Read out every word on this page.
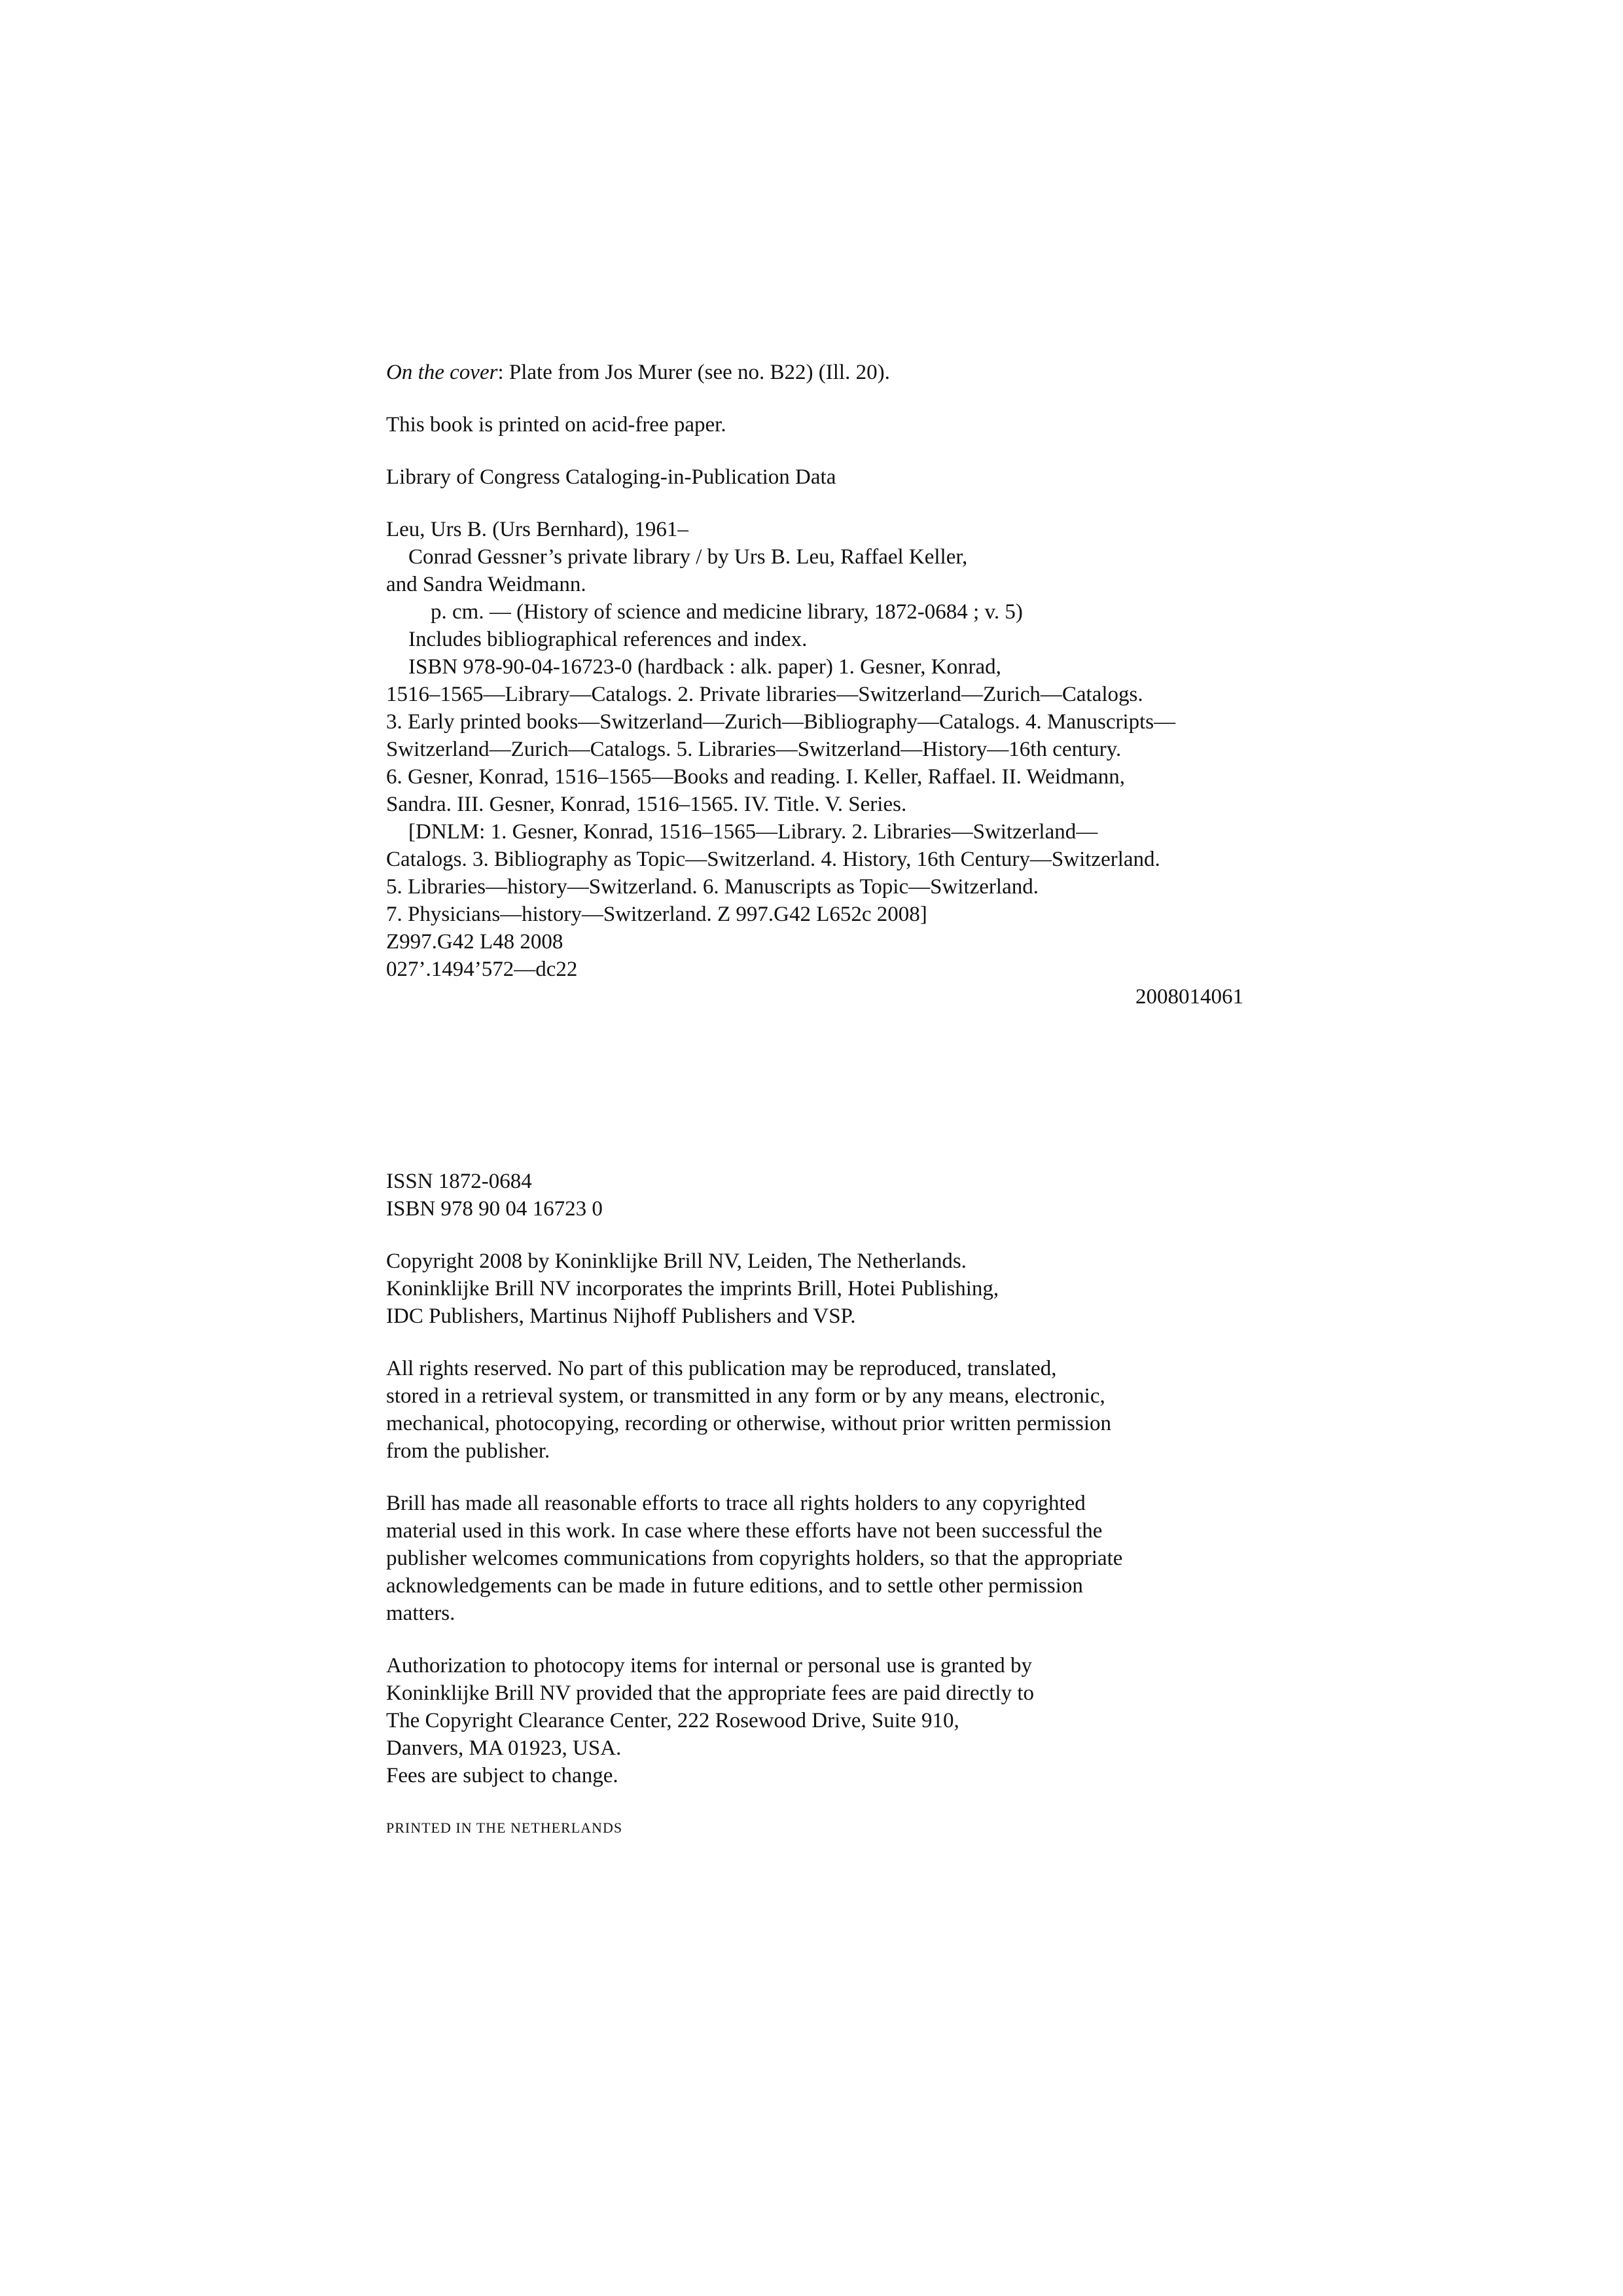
On the cover: Plate from Jos Murer (see no. B22) (Ill. 20).
This book is printed on acid-free paper.
Library of Congress Cataloging-in-Publication Data
Leu, Urs B. (Urs Bernhard), 1961–
Conrad Gessner’s private library / by Urs B. Leu, Raffael Keller,
and Sandra Weidmann.
p. cm. — (History of science and medicine library, 1872-0684 ; v. 5)
Includes bibliographical references and index.
ISBN 978-90-04-16723-0 (hardback : alk. paper) 1. Gesner, Konrad,
1516–1565—Library—Catalogs. 2. Private libraries—Switzerland—Zurich—Catalogs.
3. Early printed books—Switzerland—Zurich—Bibliography—Catalogs. 4. Manuscripts—
Switzerland—Zurich—Catalogs. 5. Libraries—Switzerland—History—16th century.
6. Gesner, Konrad, 1516–1565—Books and reading. I. Keller, Raffael. II. Weidmann,
Sandra. III. Gesner, Konrad, 1516–1565. IV. Title. V. Series.
[DNLM: 1. Gesner, Konrad, 1516–1565—Library. 2. Libraries—Switzerland—
Catalogs. 3. Bibliography as Topic—Switzerland. 4. History, 16th Century—Switzerland.
5. Libraries—history—Switzerland. 6. Manuscripts as Topic—Switzerland.
7. Physicians—history—Switzerland. Z 997.G42 L652c 2008]
Z997.G42 L48 2008
027’.1494’572—dc22
2008014061
ISSN 1872-0684
ISBN 978 90 04 16723 0
Copyright 2008 by Koninklijke Brill NV, Leiden, The Netherlands.
Koninklijke Brill NV incorporates the imprints Brill, Hotei Publishing,
IDC Publishers, Martinus Nijhoff Publishers and VSP.
All rights reserved. No part of this publication may be reproduced, translated,
stored in a retrieval system, or transmitted in any form or by any means, electronic,
mechanical, photocopying, recording or otherwise, without prior written permission
from the publisher.
Brill has made all reasonable efforts to trace all rights holders to any copyrighted
material used in this work. In case where these efforts have not been successful the
publisher welcomes communications from copyrights holders, so that the appropriate
acknowledgements can be made in future editions, and to settle other permission
matters.
Authorization to photocopy items for internal or personal use is granted by
Koninklijke Brill NV provided that the appropriate fees are paid directly to
The Copyright Clearance Center, 222 Rosewood Drive, Suite 910,
Danvers, MA 01923, USA.
Fees are subject to change.
PRINTED IN THE NETHERLANDS
